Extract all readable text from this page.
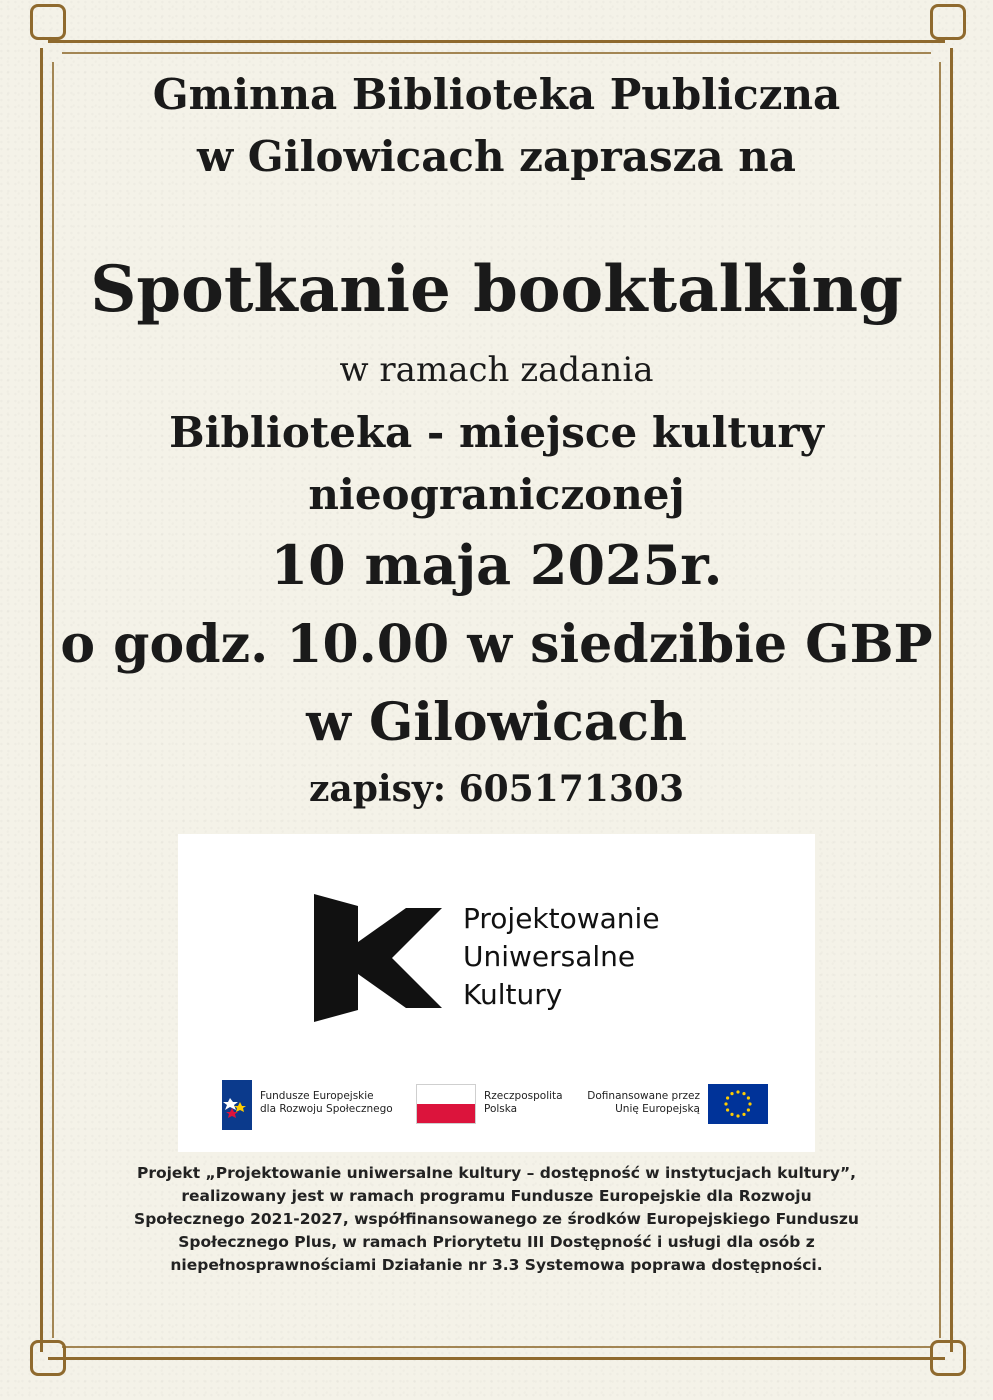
Gminna Biblioteka Publiczna
w Gilowicach zaprasza na
Spotkanie booktalking
w ramach zadania
Biblioteka - miejsce kultury
nieograniczonej
10 maja 2025r.
o godz. 10.00 w siedzibie GBP
w Gilowicach
zapisy: 605171303
Projektowanie
Uniwersalne
Kultury
Fundusze Europejskie
dla Rozwoju Społecznego
Rzeczpospolita
Polska
Dofinansowane przez
Unię Europejską
Projekt „Projektowanie uniwersalne kultury – dostępność w instytucjach kultury”,
realizowany jest w ramach programu Fundusze Europejskie dla Rozwoju
Społecznego 2021-2027, współfinansowanego ze środków Europejskiego Funduszu
Społecznego Plus, w ramach Priorytetu III Dostępność i usługi dla osób z
niepełnosprawnościami Działanie nr 3.3 Systemowa poprawa dostępności.
